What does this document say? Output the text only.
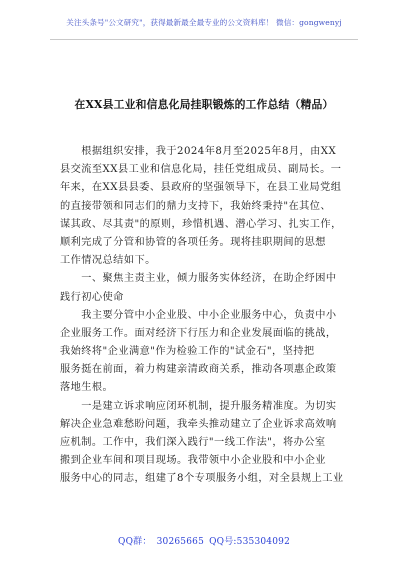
关注头条号"公文研究"，获得最新最全最专业的公文资料库！ 微信：gongwenyj
在XX县工业和信息化局挂职锻炼的工作总结（精品）
　　根据组织安排，我于2024年8月至2025年8月，由XX
县交流至XX县工业和信息化局，挂任党组成员、副局长。一
年来，在XX县县委、县政府的坚强领导下，在县工业局党组
的直接带领和同志们的鼎力支持下，我始终秉持"在其位、
谋其政、尽其责"的原则，珍惜机遇、潜心学习、扎实工作，
顺利完成了分管和协管的各项任务。现将挂职期间的思想
工作情况总结如下。
　　一、聚焦主责主业，倾力服务实体经济，在助企纾困中
践行初心使命
　　我主要分管中小企业股、中小企业服务中心，负责中小
企业服务工作。面对经济下行压力和企业发展面临的挑战，
我始终将"企业满意"作为检验工作的"试金石"，坚持把
服务挺在前面，着力构建亲清政商关系，推动各项惠企政策
落地生根。
　　一是建立诉求响应闭环机制，提升服务精准度。为切实
解决企业急难愁盼问题，我牵头推动建立了企业诉求高效响
应机制。工作中，我们深入践行"一线工作法"，将办公室
搬到企业车间和项目现场。我带领中小企业股和中小企业
服务中心的同志，组建了8个专项服务小组，对全县规上工业
QQ群： 30265665 QQ号:535304092
